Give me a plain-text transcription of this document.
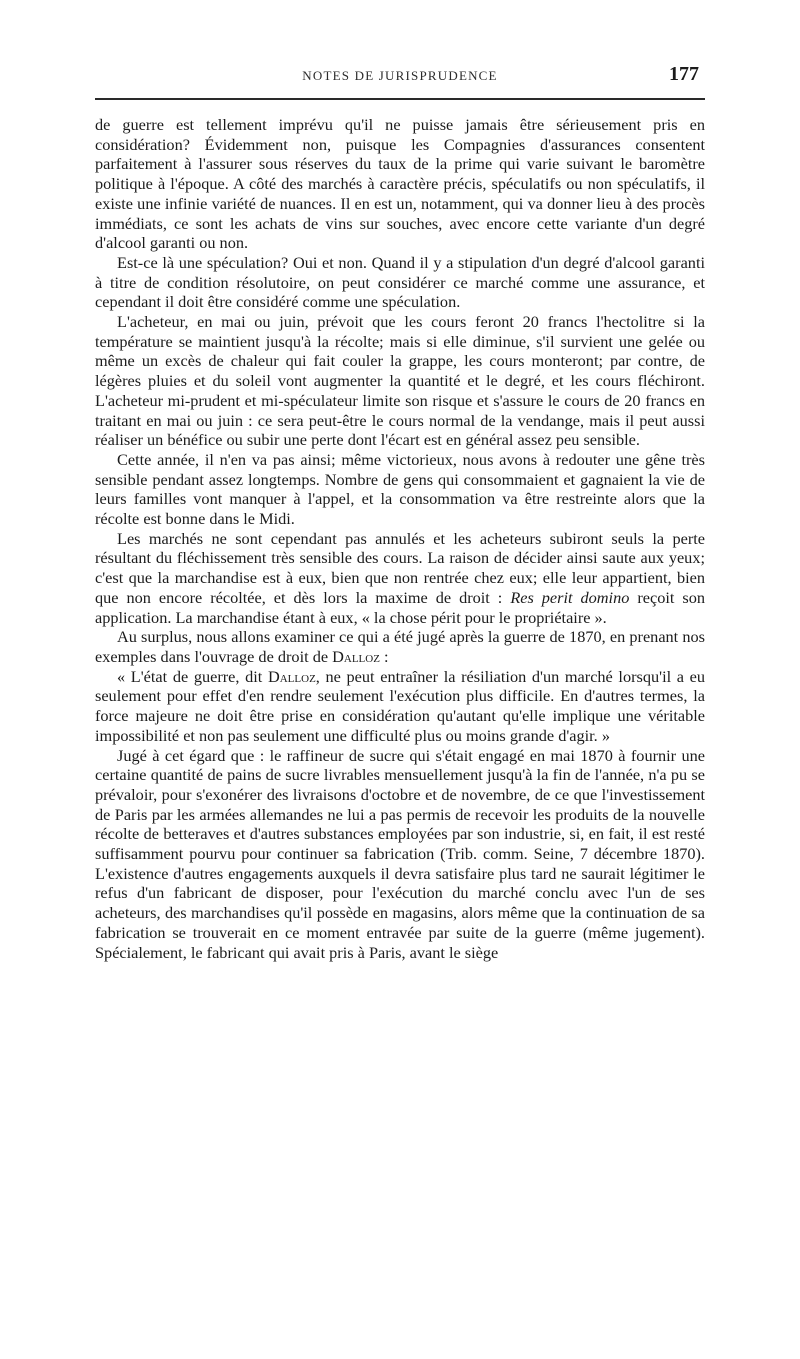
NOTES DE JURISPRUDENCE	177

de guerre est tellement imprévu qu'il ne puisse jamais être sérieusement pris en considération? Évidemment non, puisque les Compagnies d'assurances consentent parfaitement à l'assurer sous réserves du taux de la prime qui varie suivant le baromètre politique à l'époque. A côté des marchés à caractère précis, spéculatifs ou non spéculatifs, il existe une infinie variété de nuances. Il en est un, notamment, qui va donner lieu à des procès immédiats, ce sont les achats de vins sur souches, avec encore cette variante d'un degré d'alcool garanti ou non.

Est-ce là une spéculation? Oui et non. Quand il y a stipulation d'un degré d'alcool garanti à titre de condition résolutoire, on peut considérer ce marché comme une assurance, et cependant il doit être considéré comme une spéculation.

L'acheteur, en mai ou juin, prévoit que les cours feront 20 francs l'hectolitre si la température se maintient jusqu'à la récolte; mais si elle diminue, s'il survient une gelée ou même un excès de chaleur qui fait couler la grappe, les cours monteront; par contre, de légères pluies et du soleil vont augmenter la quantité et le degré, et les cours fléchiront. L'acheteur mi-prudent et mi-spéculateur limite son risque et s'assure le cours de 20 francs en traitant en mai ou juin : ce sera peut-être le cours normal de la vendange, mais il peut aussi réaliser un bénéfice ou subir une perte dont l'écart est en général assez peu sensible.

Cette année, il n'en va pas ainsi; même victorieux, nous avons à redouter une gêne très sensible pendant assez longtemps. Nombre de gens qui consommaient et gagnaient la vie de leurs familles vont manquer à l'appel, et la consommation va être restreinte alors que la récolte est bonne dans le Midi.

Les marchés ne sont cependant pas annulés et les acheteurs subiront seuls la perte résultant du fléchissement très sensible des cours. La raison de décider ainsi saute aux yeux; c'est que la marchandise est à eux, bien que non rentrée chez eux; elle leur appartient, bien que non encore récoltée, et dès lors la maxime de droit : Res perit domino reçoit son application. La marchandise étant à eux, « la chose périt pour le propriétaire ».

Au surplus, nous allons examiner ce qui a été jugé après la guerre de 1870, en prenant nos exemples dans l'ouvrage de droit de Dalloz :

« L'état de guerre, dit Dalloz, ne peut entraîner la résiliation d'un marché lorsqu'il a eu seulement pour effet d'en rendre seulement l'exécution plus difficile. En d'autres termes, la force majeure ne doit être prise en considération qu'autant qu'elle implique une véritable impossibilité et non pas seulement une difficulté plus ou moins grande d'agir. »

Jugé à cet égard que : le raffineur de sucre qui s'était engagé en mai 1870 à fournir une certaine quantité de pains de sucre livrables mensuellement jusqu'à la fin de l'année, n'a pu se prévaloir, pour s'exonérer des livraisons d'octobre et de novembre, de ce que l'investissement de Paris par les armées allemandes ne lui a pas permis de recevoir les produits de la nouvelle récolte de betteraves et d'autres substances employées par son industrie, si, en fait, il est resté suffisamment pourvu pour continuer sa fabrication (Trib. comm. Seine, 7 décembre 1870). L'existence d'autres engagements auxquels il devra satisfaire plus tard ne saurait légitimer le refus d'un fabricant de disposer, pour l'exécution du marché conclu avec l'un de ses acheteurs, des marchandises qu'il possède en magasins, alors même que la continuation de sa fabrication se trouverait en ce moment entravée par suite de la guerre (même jugement). Spécialement, le fabricant qui avait pris à Paris, avant le siège
